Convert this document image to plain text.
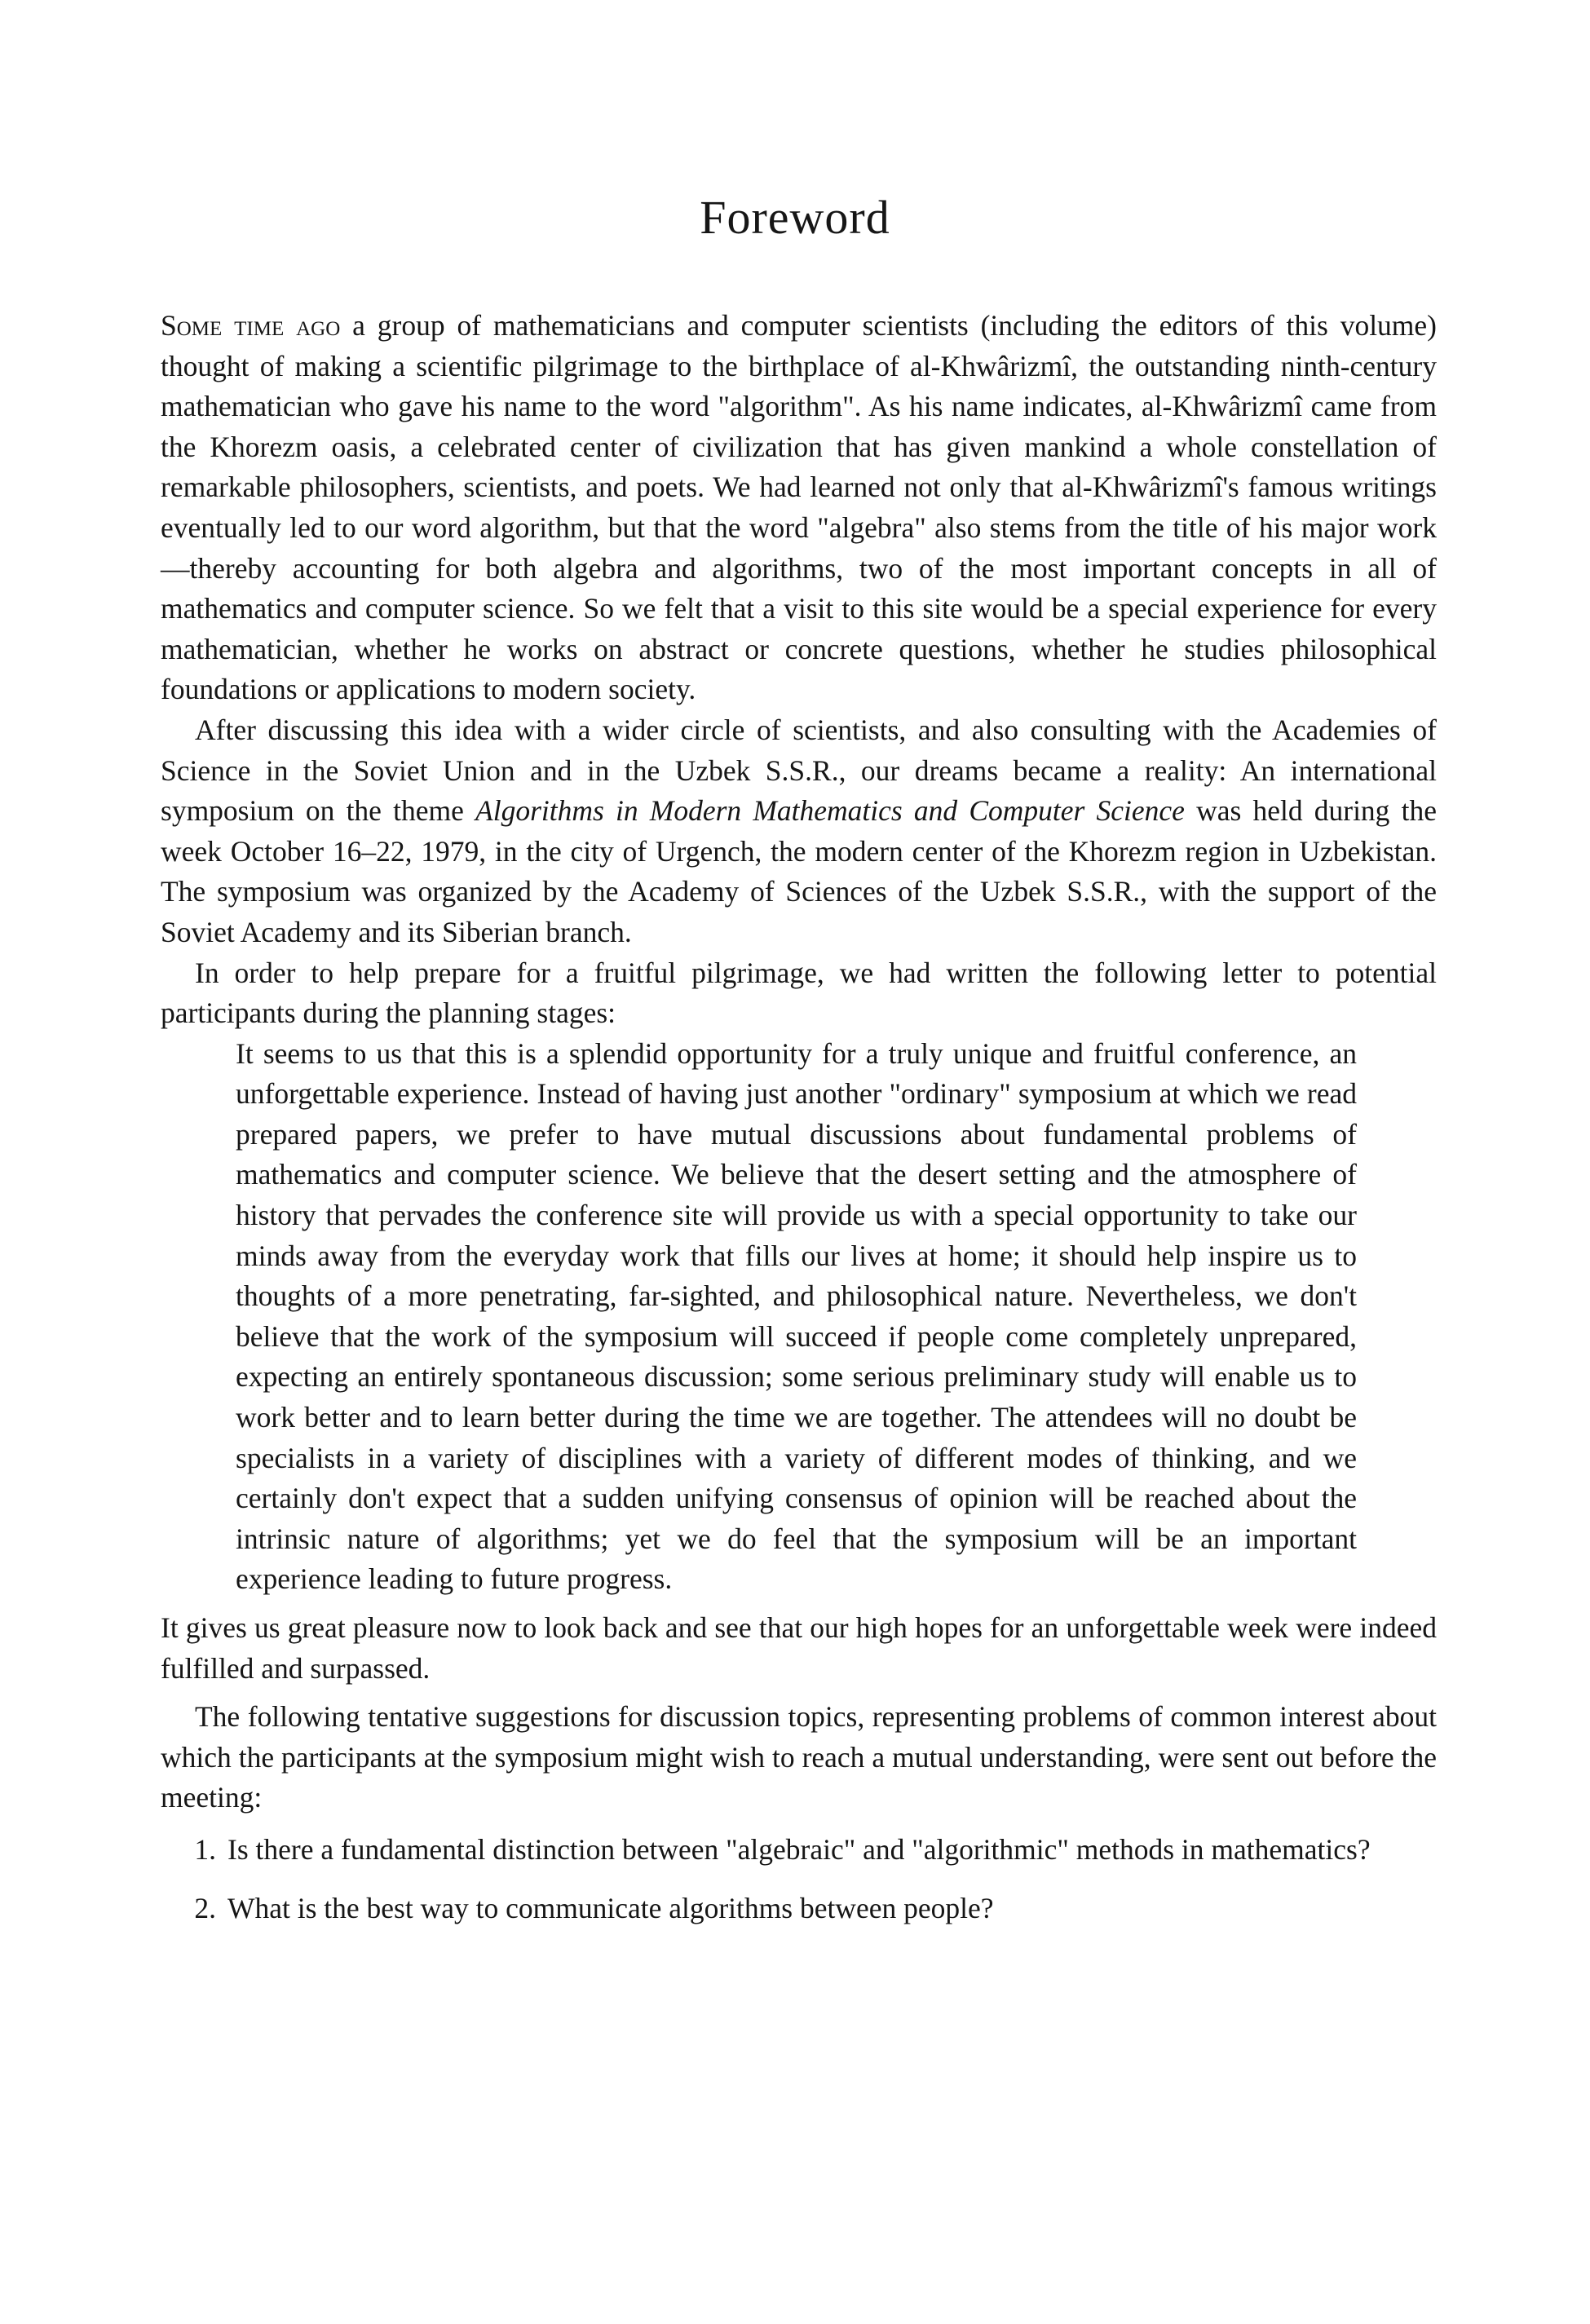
Foreword

Some time ago a group of mathematicians and computer scientists (including the editors of this volume) thought of making a scientific pilgrimage to the birthplace of al-Khwârizmî, the outstanding ninth-century mathematician who gave his name to the word "algorithm". As his name indicates, al-Khwârizmî came from the Khorezm oasis, a celebrated center of civilization that has given mankind a whole constellation of remarkable philosophers, scientists, and poets. We had learned not only that al-Khwârizmî's famous writings eventually led to our word algorithm, but that the word "algebra" also stems from the title of his major work—thereby accounting for both algebra and algorithms, two of the most important concepts in all of mathematics and computer science. So we felt that a visit to this site would be a special experience for every mathematician, whether he works on abstract or concrete questions, whether he studies philosophical foundations or applications to modern society.

After discussing this idea with a wider circle of scientists, and also consulting with the Academies of Science in the Soviet Union and in the Uzbek S.S.R., our dreams became a reality: An international symposium on the theme Algorithms in Modern Mathematics and Computer Science was held during the week October 16–22, 1979, in the city of Urgench, the modern center of the Khorezm region in Uzbekistan. The symposium was organized by the Academy of Sciences of the Uzbek S.S.R., with the support of the Soviet Academy and its Siberian branch.

In order to help prepare for a fruitful pilgrimage, we had written the following letter to potential participants during the planning stages:

It seems to us that this is a splendid opportunity for a truly unique and fruitful conference, an unforgettable experience. Instead of having just another "ordinary" symposium at which we read prepared papers, we prefer to have mutual discussions about fundamental problems of mathematics and computer science. We believe that the desert setting and the atmosphere of history that pervades the conference site will provide us with a special opportunity to take our minds away from the everyday work that fills our lives at home; it should help inspire us to thoughts of a more penetrating, far-sighted, and philosophical nature. Nevertheless, we don't believe that the work of the symposium will succeed if people come completely unprepared, expecting an entirely spontaneous discussion; some serious preliminary study will enable us to work better and to learn better during the time we are together. The attendees will no doubt be specialists in a variety of disciplines with a variety of different modes of thinking, and we certainly don't expect that a sudden unifying consensus of opinion will be reached about the intrinsic nature of algorithms; yet we do feel that the symposium will be an important experience leading to future progress.

It gives us great pleasure now to look back and see that our high hopes for an unforgettable week were indeed fulfilled and surpassed.

The following tentative suggestions for discussion topics, representing problems of common interest about which the participants at the symposium might wish to reach a mutual understanding, were sent out before the meeting:

1. Is there a fundamental distinction between "algebraic" and "algorithmic" methods in mathematics?
2. What is the best way to communicate algorithms between people?
